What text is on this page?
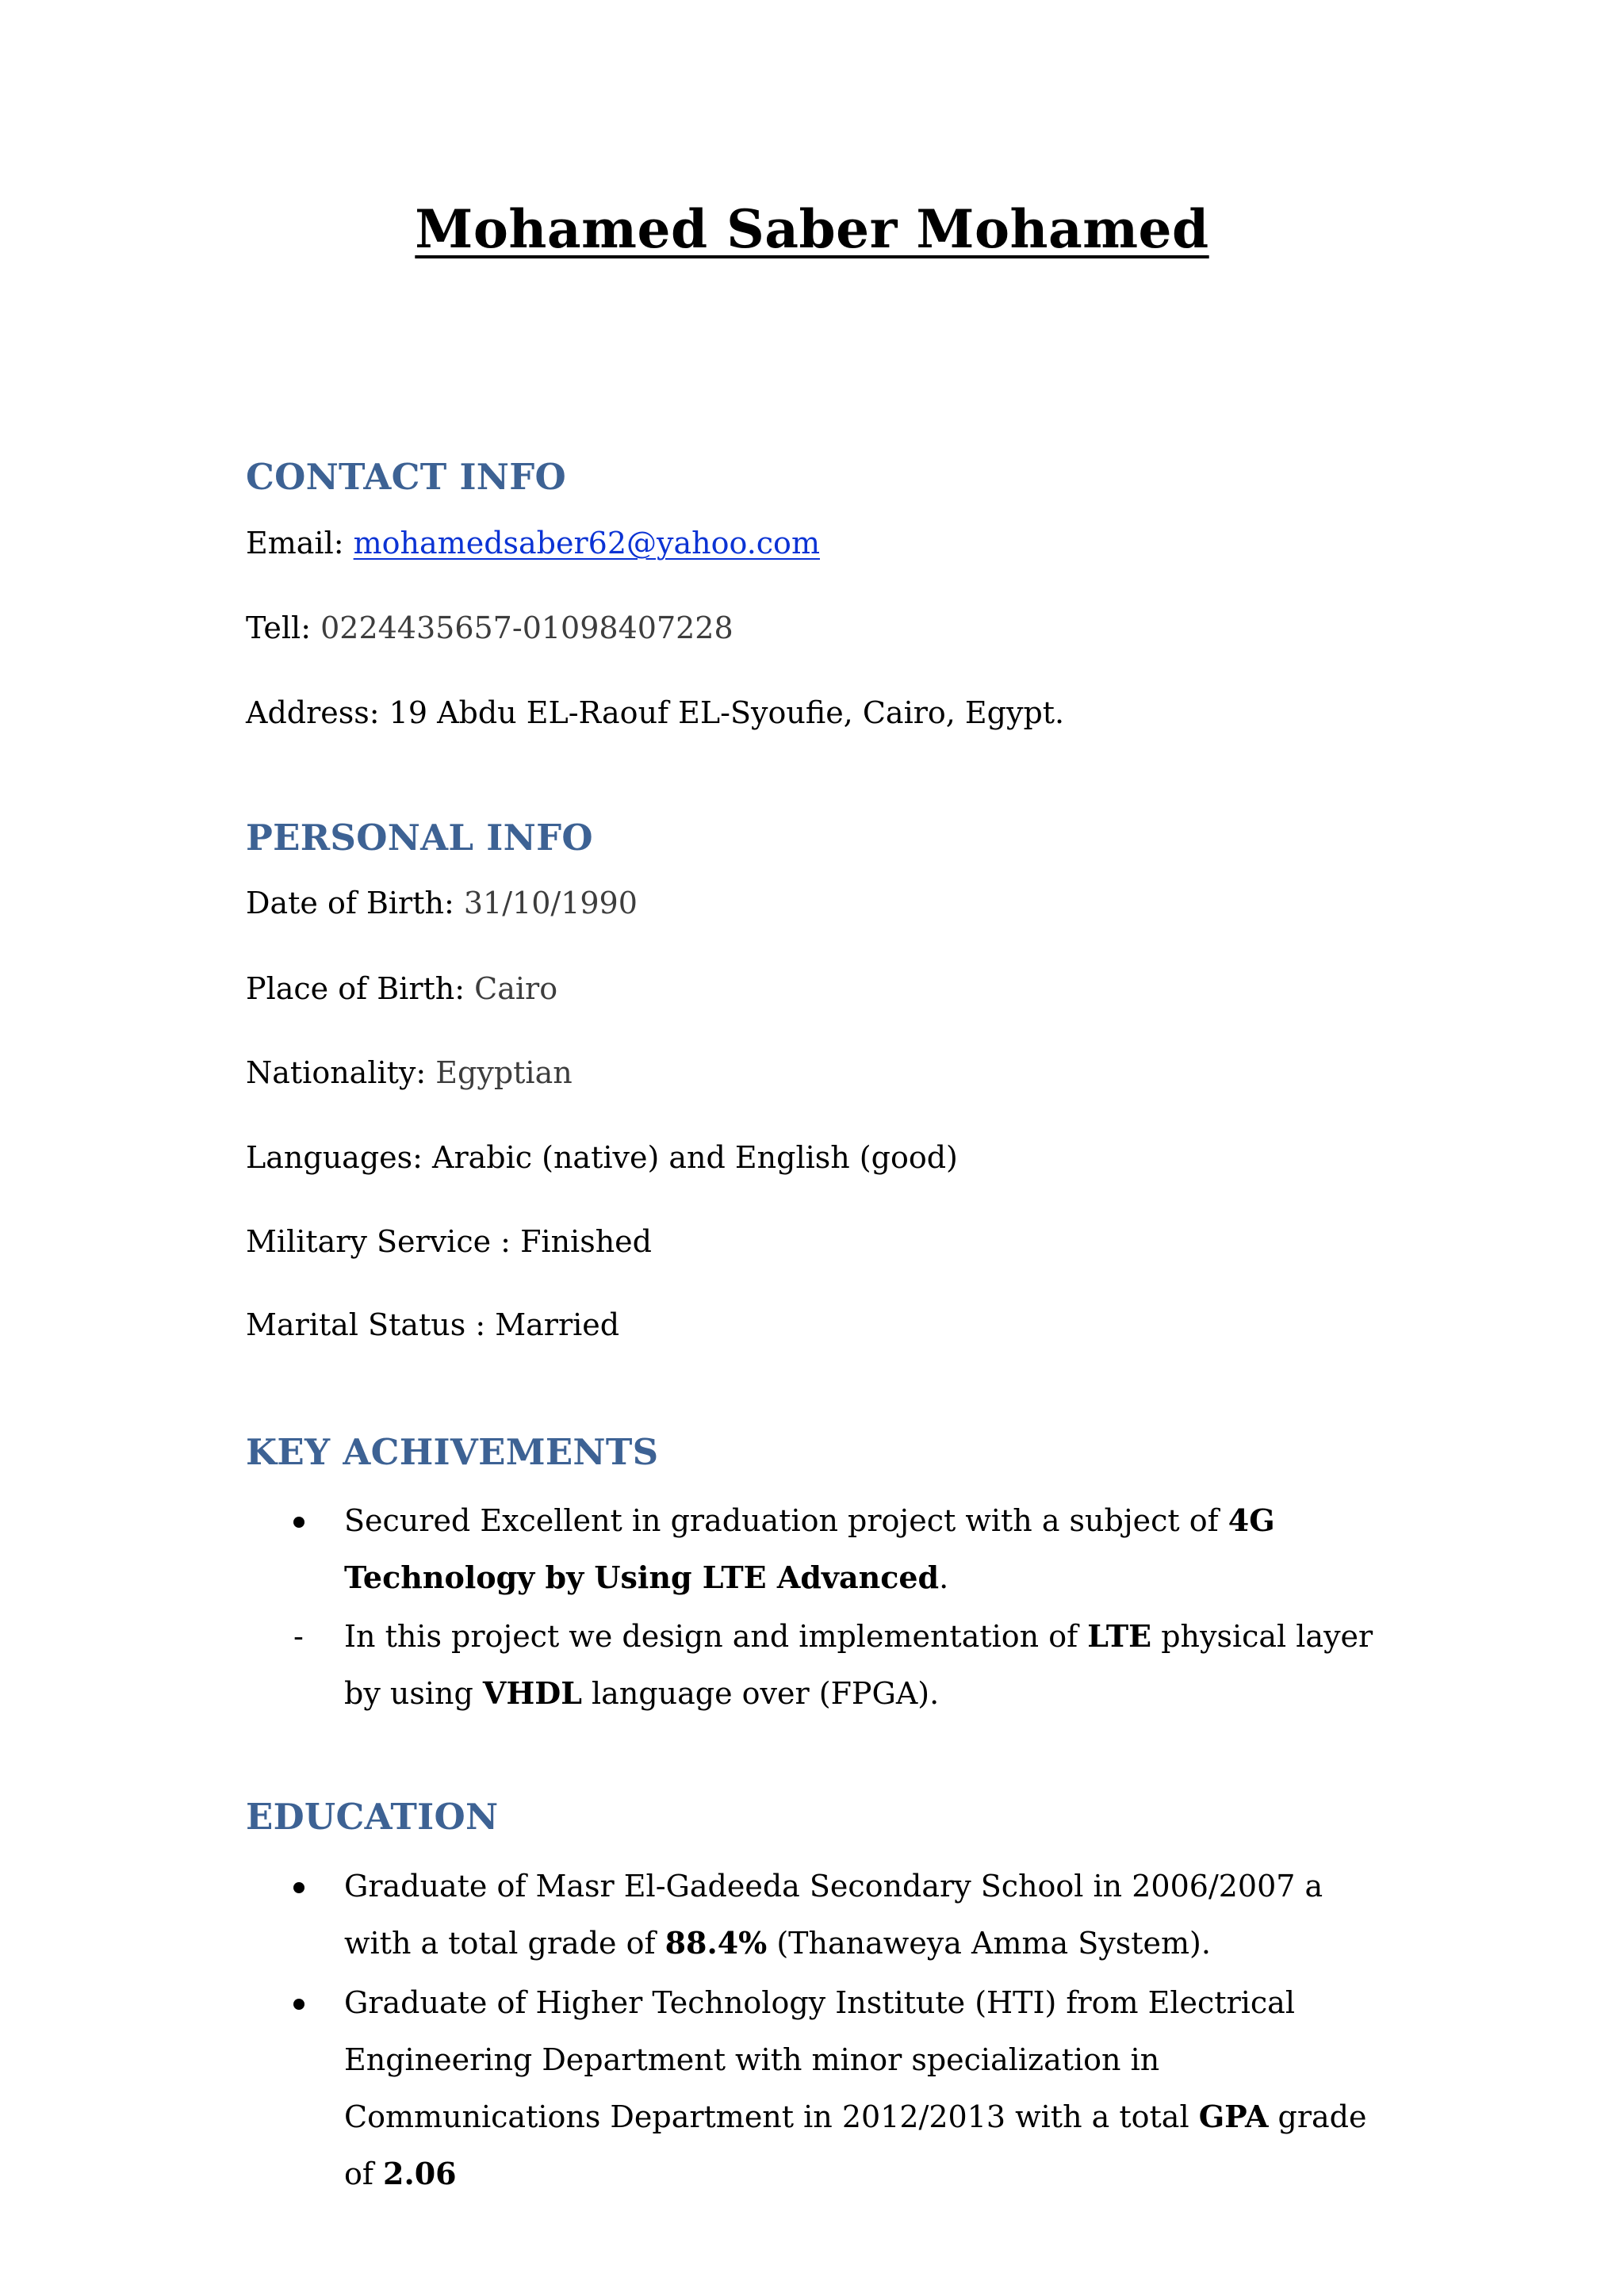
Mohamed Saber Mohamed
CONTACT INFO
Email: mohamedsaber62@yahoo.com
Tell: 0224435657-01098407228
Address: 19 Abdu EL-Raouf EL-Syoufie, Cairo, Egypt.
PERSONAL INFO
Date of Birth: 31/10/1990
Place of Birth: Cairo
Nationality: Egyptian
Languages: Arabic (native) and English (good)
Military Service : Finished
Marital Status : Married
KEY ACHIVEMENTS
Secured Excellent in graduation project with a subject of 4G Technology by Using LTE Advanced.
-	In this project we design and implementation of LTE physical layer by using VHDL language over (FPGA).
EDUCATION
Graduate of Masr El-Gadeeda Secondary School in 2006/2007 a with a total grade of 88.4% (Thanaweya Amma System).
Graduate of Higher Technology Institute (HTI) from Electrical Engineering Department with minor specialization in Communications Department in 2012/2013 with a total GPA grade of 2.06
